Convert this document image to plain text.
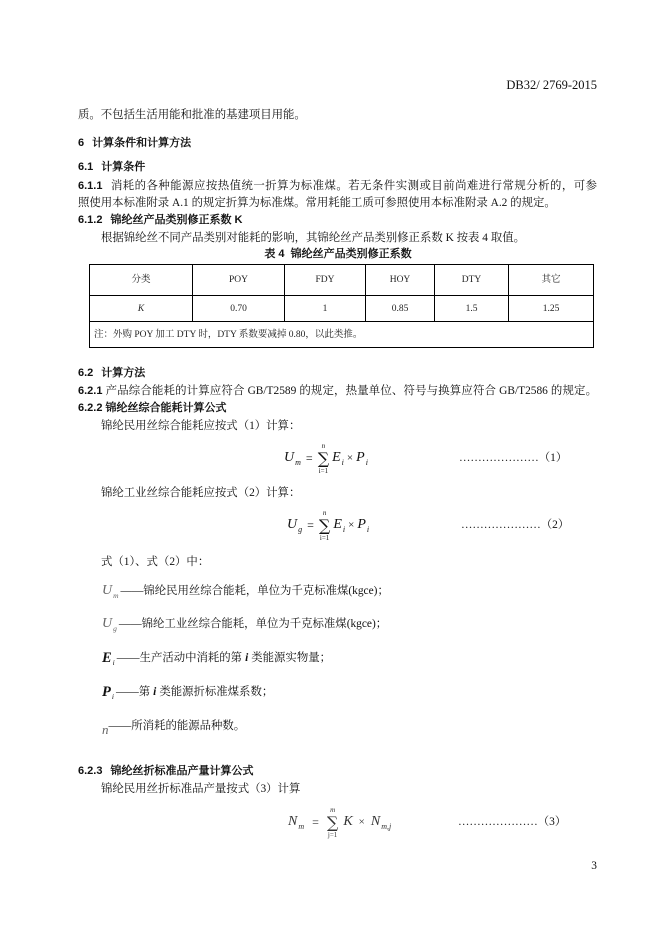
DB32/ 2769-2015
质。不包括生活用能和批准的基建项目用能。
6 计算条件和计算方法
6.1 计算条件
6.1.1 消耗的各种能源应按热值统一折算为标准煤。若无条件实测或目前尚难进行常规分析的，可参
照使用本标准附录 A.1 的规定折算为标准煤。常用耗能工质可参照使用本标准附录 A.2 的规定。
6.1.2 锦纶丝产品类别修正系数 K
根据锦纶丝不同产品类别对能耗的影响，其锦纶丝产品类别修正系数 K 按表 4 取值。
表 4  锦纶丝产品类别修正系数
分类	POY	FDY	HOY	DTY	其它
K	0.70	1	0.85	1.5	1.25
注：外购 POY 加工 DTY 时，DTY 系数要减掉 0.80，以此类推。					
6.2 计算方法
6.2.1 产品综合能耗的计算应符合 GB/T2589 的规定，热量单位、符号与换算应符合 GB/T2586 的规定。
6.2.2 锦纶丝综合能耗计算公式
锦纶民用丝综合能耗应按式（1）计算：
U m =
n
∑
i=1
E i × P i	…………………（1）
锦纶工业丝综合能耗应按式（2）计算：
U g =
n
∑
i=1
E i × P i	…………………（2）
式（1）、式（2）中：
U m ——锦纶民用丝综合能耗，单位为千克标准煤(kgce)；
U g ——锦纶工业丝综合能耗，单位为千克标准煤(kgce)；
E i ——生产活动中消耗的第 i 类能源实物量；
P i ——第 i 类能源折标准煤系数；
n ——所消耗的能源品种数。
6.2.3 锦纶丝折标准品产量计算公式
锦纶民用丝折标准品产量按式（3）计算
N m =
m
∑
j=1
K × N m,j	…………………（3）
3
